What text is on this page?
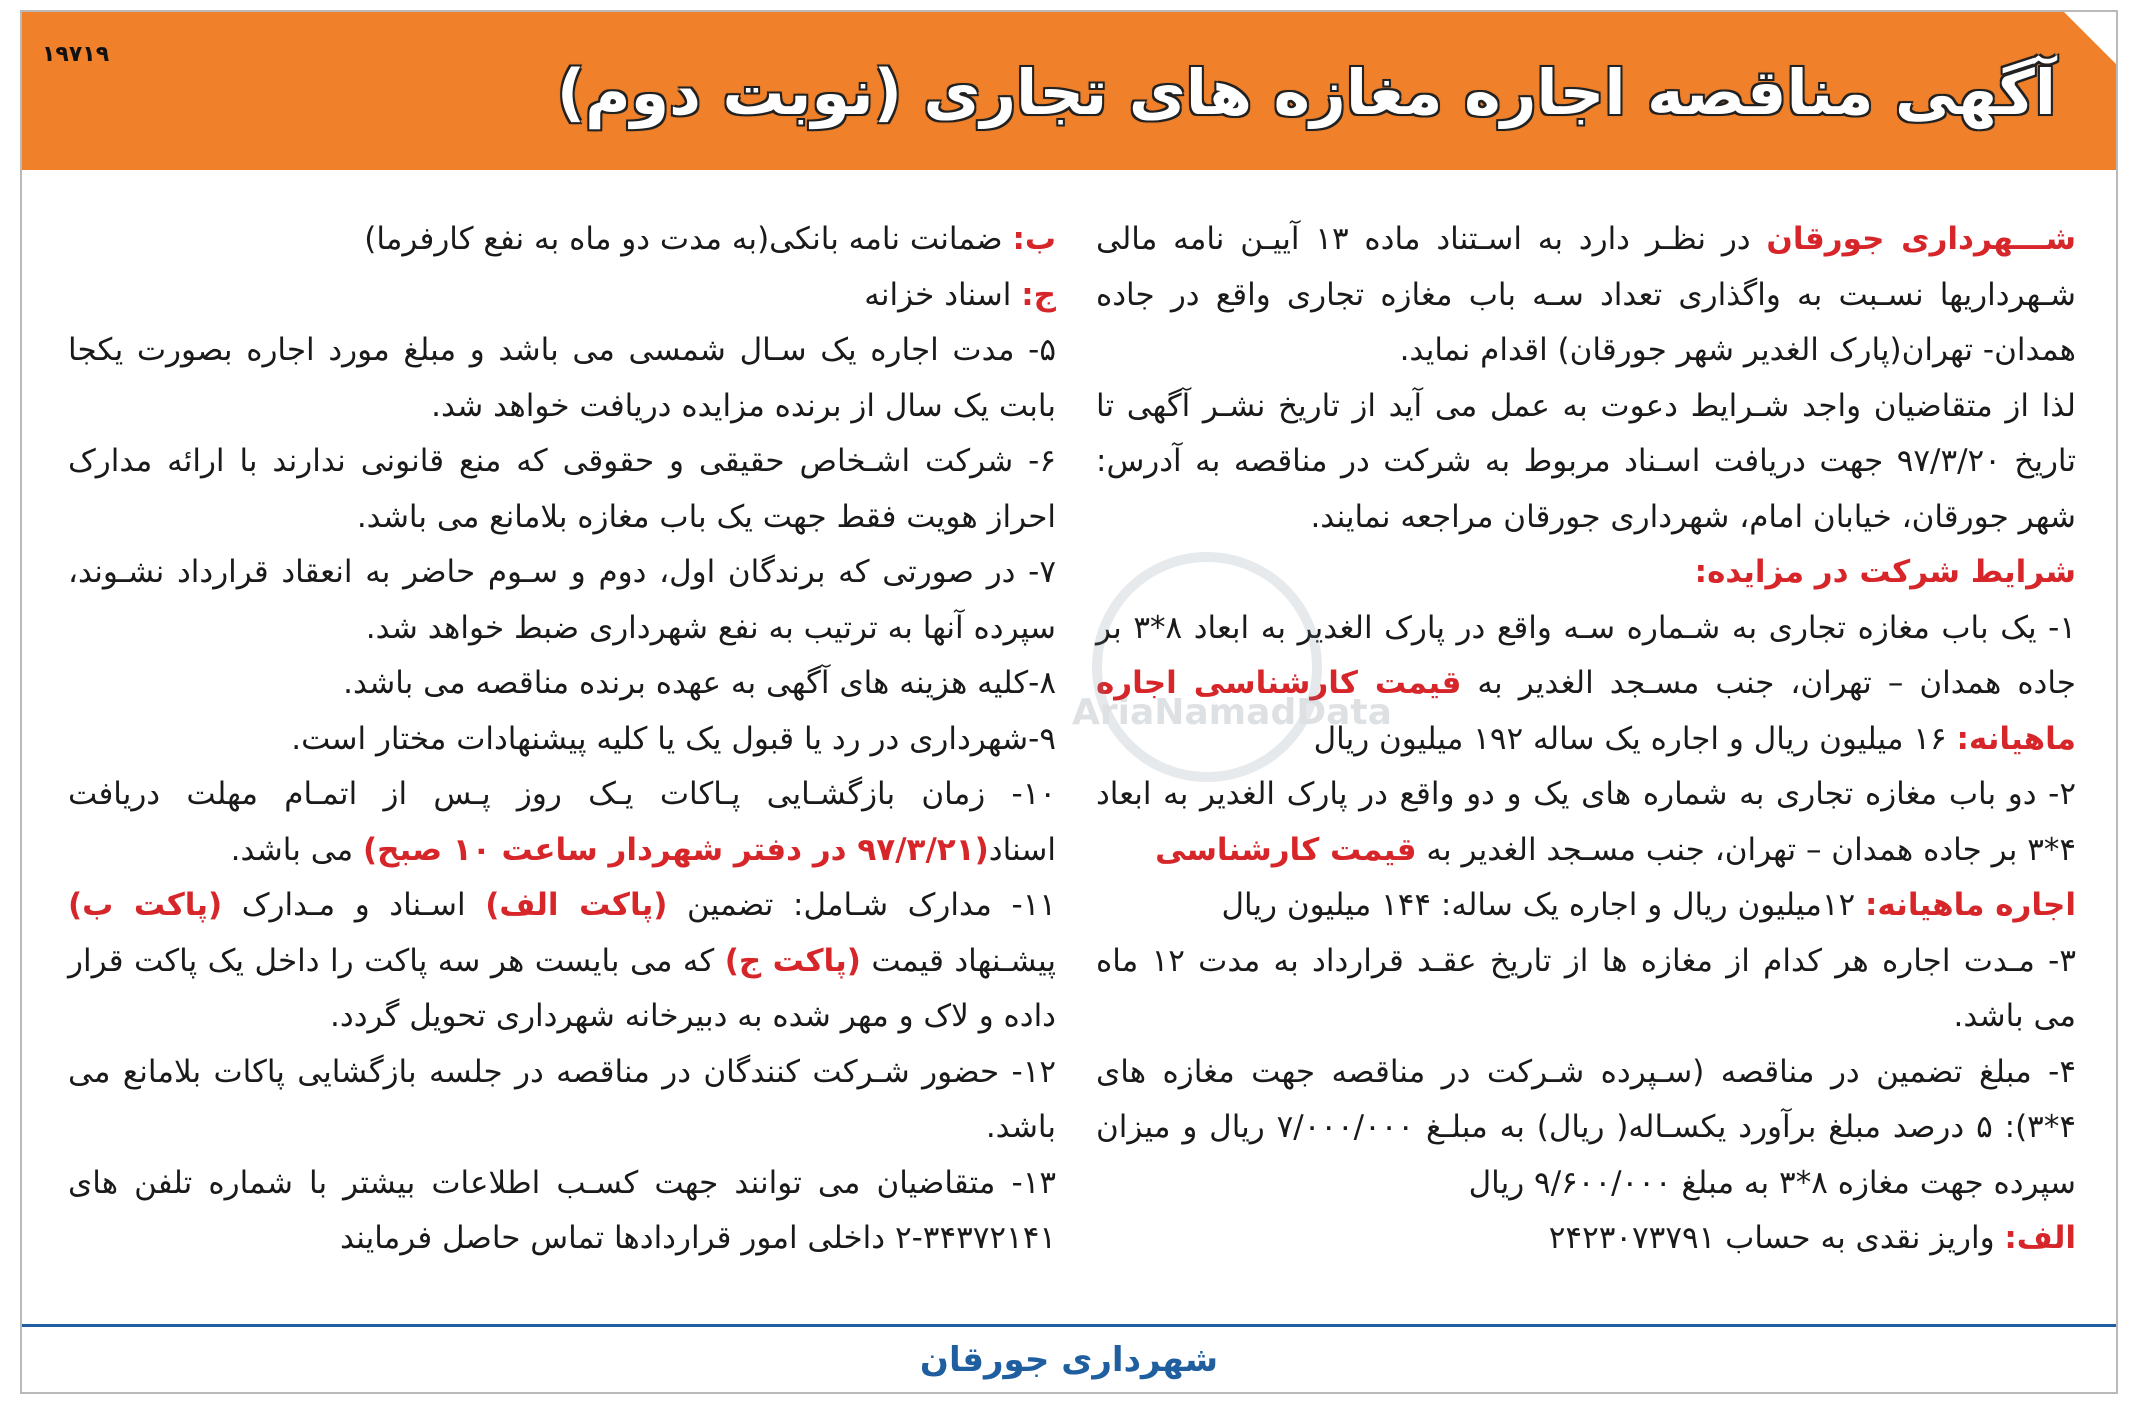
۱۹۷۱۹
آگهی مناقصه اجاره مغازه های تجاری (نوبت دوم)

شـــهرداری جورقان در نظـر دارد به اسـتناد ماده ۱۳ آییـن نامه مالی شـهرداریها نسـبت به واگذاری تعداد سـه باب مغازه تجاری واقع در جاده همدان- تهران(پارک الغدیر شهر جورقان) اقدام نماید.

لذا از متقاضیان واجد شـرایط دعوت به عمل می آید از تاریخ نشـر آگهی تا تاریخ ۹۷/۳/۲۰ جهت دریافت اسـناد مربوط به شرکت در مناقصه به آدرس: شهر جورقان، خیابان امام، شهرداری جورقان مراجعه نمایند.

شرایط شرکت در مزایده:

۱- یک باب مغازه تجاری به شـماره سـه واقع در پارک الغدیر به ابعاد ۸*۳ بر جاده همدان – تهران، جنب مسـجد الغدیر به قیمت کارشناسی اجاره ماهیانه: ۱۶ میلیون ریال و اجاره یک ساله ۱۹۲ میلیون ریال

۲- دو باب مغازه تجاری به شماره های یک و دو واقع در پارک الغدیر به ابعاد ۴*۳ بر جاده همدان – تهران، جنب مسـجد الغدیر به قیمت کارشناسی
اجاره ماهیانه: ۱۲میلیون ریال و اجاره یک ساله: ۱۴۴ میلیون ریال

۳- مـدت اجاره هر کدام از مغازه ها از تاریخ عقـد قرارداد به مدت ۱۲ ماه می باشد.

۴- مبلغ تضمین در مناقصه (سـپرده شـرکت در مناقصه جهت مغازه های ۴*۳): ۵ درصد مبلغ برآورد یکسـاله( ریال) به مبلـغ ۷/۰۰۰/۰۰۰ ریال و میزان سپرده جهت مغازه ۸*۳ به مبلغ ۹/۶۰۰/۰۰۰ ریال

الف: واریز نقدی به حساب ۲۴۲۳۰۷۳۷۹۱

ب: ضمانت نامه بانکی(به مدت دو ماه به نفع کارفرما)

ج: اسناد خزانه

۵- مدت اجاره یک سـال شمسی می باشد و مبلغ مورد اجاره بصورت یکجا بابت یک سال از برنده مزایده دریافت خواهد شد.

۶- شرکت اشـخاص حقیقی و حقوقی که منع قانونی ندارند با ارائه مدارک احراز هویت فقط جهت یک باب مغازه بلامانع می باشد.

۷- در صورتی که برندگان اول، دوم و سـوم حاضر به انعقاد قرارداد نشـوند، سپرده آنها به ترتیب به نفع شهرداری ضبط خواهد شد.

۸-کلیه هزینه های آگهی به عهده برنده مناقصه می باشد.

۹-شهرداری در رد یا قبول یک یا کلیه پیشنهادات مختار است.

۱۰- زمان بازگشـایی پـاکات یـک روز پـس از اتمـام مهلت دریافت اسناد(۹۷/۳/۲۱ در دفتر شهردار ساعت ۱۰ صبح) می باشد.

۱۱- مدارک شـامل: تضمین (پاکت الف) اسـناد و مـدارک (پاکت ب) پیشـنهاد قیمت (پاکت ج) که می بایست هر سه پاکت را داخل یک پاکت قرار داده و لاک و مهر شده به دبیرخانه شهرداری تحویل گردد.

۱۲- حضور شـرکت کنندگان در مناقصه در جلسه بازگشایی پاکات بلامانع می باشد.

۱۳- متقاضیان می توانند جهت کسـب اطلاعات بیشتر با شماره تلفن های ۳۴۳۷۲۱۴۱-۲ داخلی امور قراردادها تماس حاصل فرمایند

AriaNamadData
شهرداری جورقان
